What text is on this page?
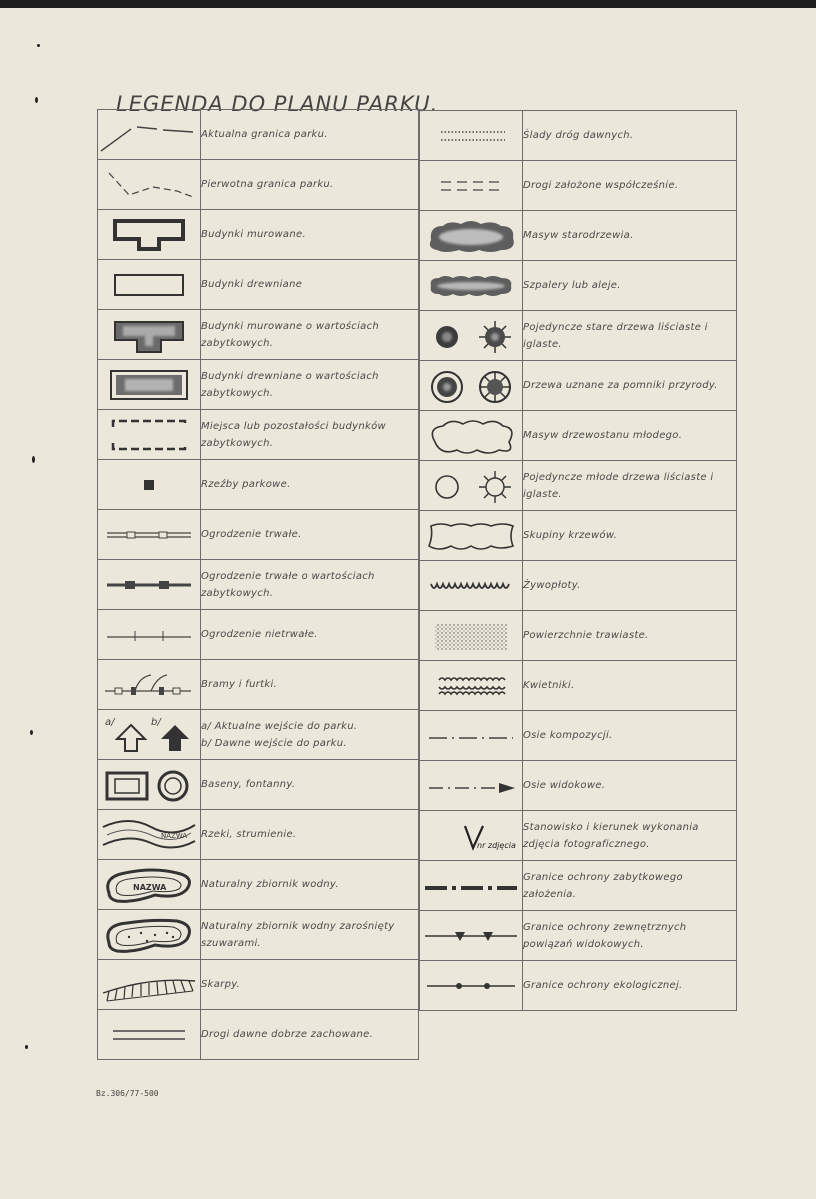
LEGENDA DO PLANU PARKU.
	Aktualna granica parku.

	Pierwotna granica parku.

	Budynki murowane.

	Budynki drewniane

	Budynki murowane o wartościach zabytkowych.

	Budynki drewniane o wartościach zabytkowych.

	Miejsca lub pozostałości budynków zabytkowych.

	Rzeźby parkowe.

	Ogrodzenie trwałe.

	Ogrodzenie trwałe o wartościach zabytkowych.

	Ogrodzenie nietrwałe.

	Bramy i furtki.

a/ b/	a/ Aktualne wejście do parku.
b/ Dawne wejście do parku.

	Baseny, fontanny.

NAZWA	Rzeki, strumienie.

NAZWA	Naturalny zbiornik wodny.

	Naturalny zbiornik wodny zarośnięty szuwarami.

	Skarpy.

	Drogi dawne dobrze zachowane.
	Ślady dróg dawnych.

	Drogi założone współcześnie.

	Masyw starodrzewia.

	Szpalery lub aleje.

	Pojedyncze stare drzewa liściaste i iglaste.

	Drzewa uznane za pomniki przyrody.

	Masyw drzewostanu młodego.

	Pojedyncze młode drzewa liściaste i iglaste.

	Skupiny krzewów.

	Żywopłoty.

	Powierzchnie trawiaste.

	Kwietniki.

	Osie kompozycji.

	Osie widokowe.

nr zdjęcia	Stanowisko i kierunek wykonania zdjęcia fotograficznego.

	Granice ochrony zabytkowego założenia.

	Granice ochrony zewnętrznych powiązań widokowych.

	Granice ochrony ekologicznej.
Bz.306/77-500
